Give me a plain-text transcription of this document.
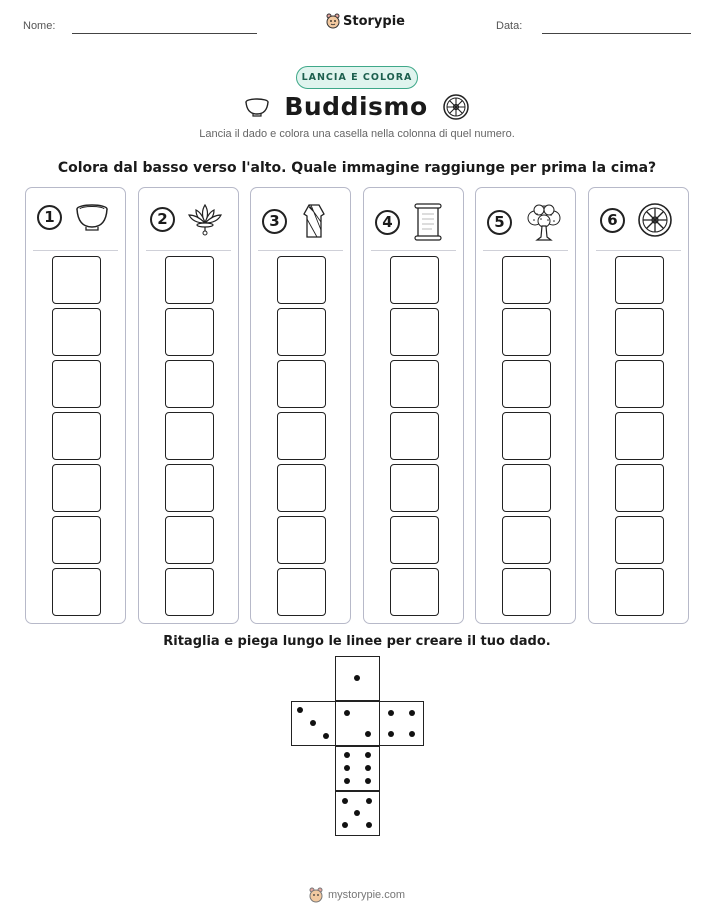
Nome:	Storypie	Data:
LANCIA E COLORA
Buddismo
Lancia il dado e colora una casella nella colonna di quel numero.
Colora dal basso verso l'alto. Quale immagine raggiunge per prima la cima?
1	2	3	4	5	6
Ritaglia e piega lungo le linee per creare il tuo dado.
mystorypie.com
